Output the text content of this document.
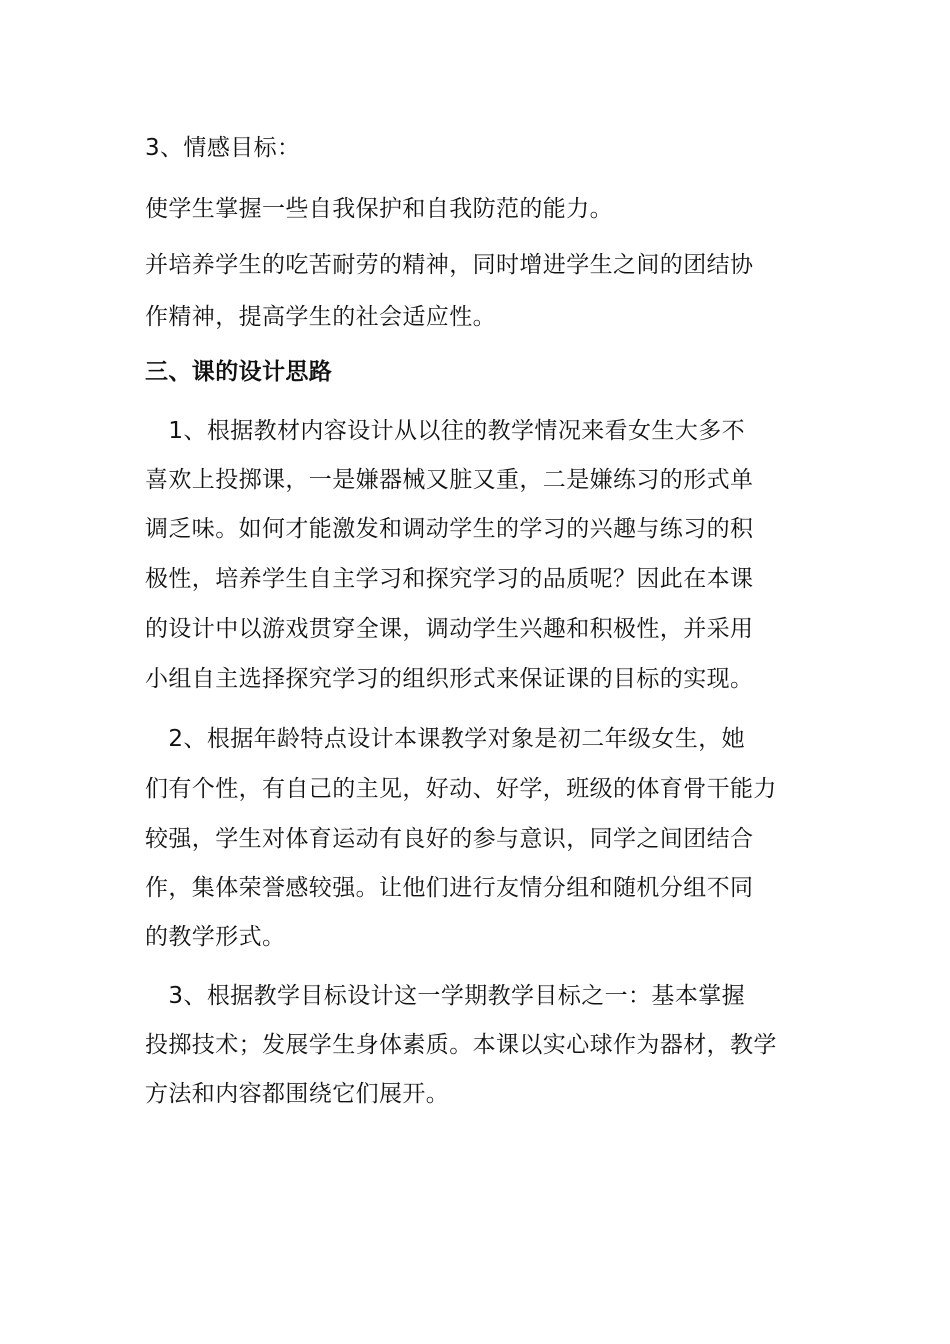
3、情感目标：
使学生掌握一些自我保护和自我防范的能力。
并培养学生的吃苦耐劳的精神，同时增进学生之间的团结协
作精神，提高学生的社会适应性。
三、课的设计思路
　1、根据教材内容设计从以往的教学情况来看女生大多不
喜欢上投掷课，一是嫌器械又脏又重，二是嫌练习的形式单
调乏味。如何才能激发和调动学生的学习的兴趣与练习的积
极性，培养学生自主学习和探究学习的品质呢？因此在本课
的设计中以游戏贯穿全课，调动学生兴趣和积极性，并采用
小组自主选择探究学习的组织形式来保证课的目标的实现。
　2、根据年龄特点设计本课教学对象是初二年级女生，她
们有个性，有自己的主见，好动、好学，班级的体育骨干能力
较强，学生对体育运动有良好的参与意识，同学之间团结合
作，集体荣誉感较强。让他们进行友情分组和随机分组不同
的教学形式。
　3、根据教学目标设计这一学期教学目标之一：基本掌握
投掷技术；发展学生身体素质。本课以实心球作为器材，教学
方法和内容都围绕它们展开。
